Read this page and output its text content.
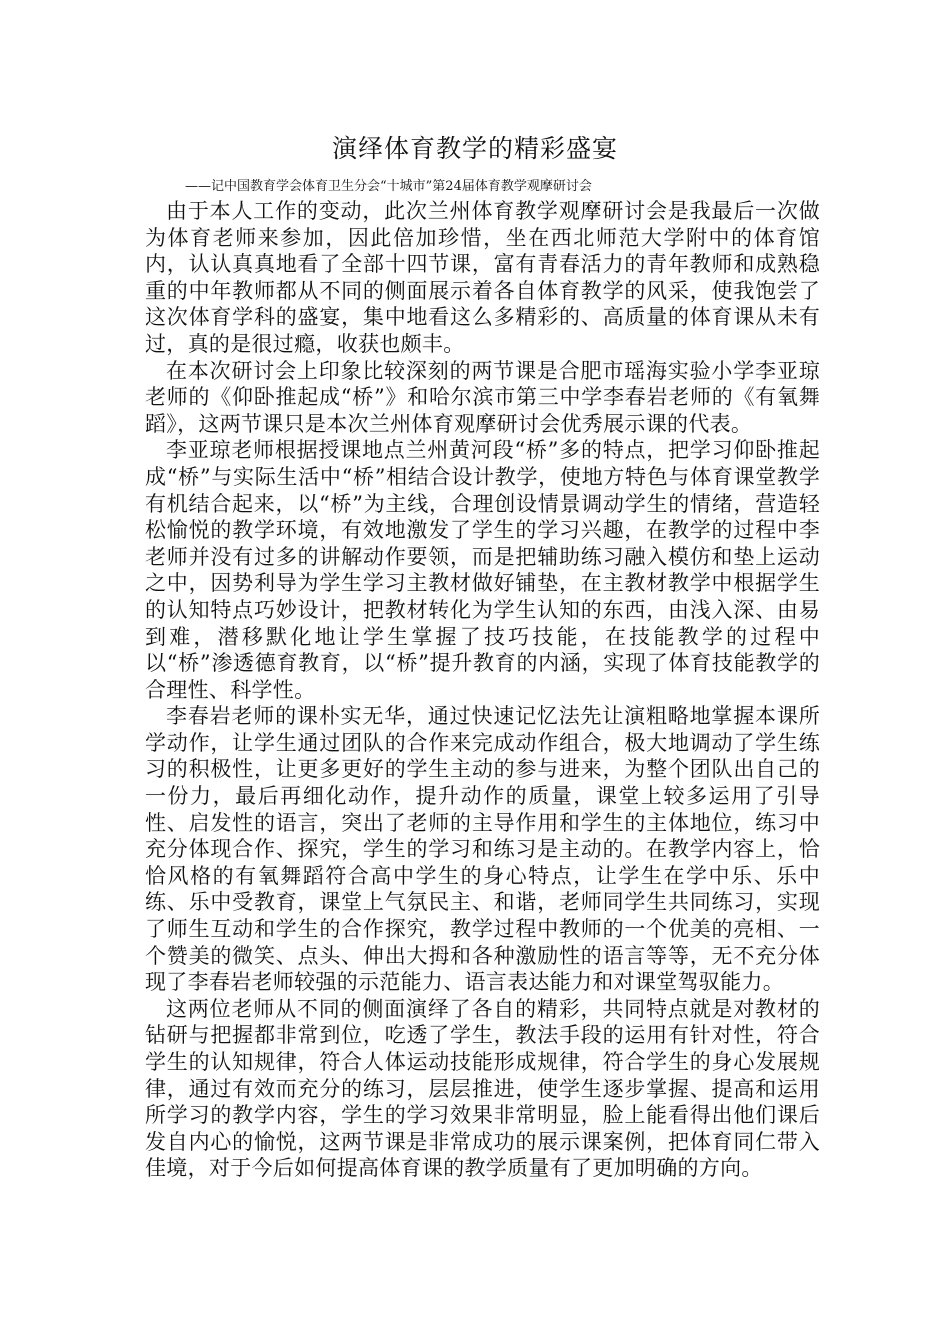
演绎体育教学的精彩盛宴
——记中国教育学会体育卫生分会“十城市”第24届体育教学观摩研讨会

由于本人工作的变动，此次兰州体育教学观摩研讨会是我最后一次做为体育老师来参加，因此倍加珍惜，坐在西北师范大学附中的体育馆内，认认真真地看了全部十四节课，富有青春活力的青年教师和成熟稳重的中年教师都从不同的侧面展示着各自体育教学的风采，使我饱尝了这次体育学科的盛宴，集中地看这么多精彩的、高质量的体育课从未有过，真的是很过瘾，收获也颇丰。

在本次研讨会上印象比较深刻的两节课是合肥市瑶海实验小学李亚琼老师的《仰卧推起成“桥”》和哈尔滨市第三中学李春岩老师的《有氧舞蹈》，这两节课只是本次兰州体育观摩研讨会优秀展示课的代表。

李亚琼老师根据授课地点兰州黄河段“桥”多的特点，把学习仰卧推起成“桥”与实际生活中“桥”相结合设计教学，使地方特色与体育课堂教学有机结合起来，以“桥”为主线，合理创设情景调动学生的情绪，营造轻松愉悦的教学环境，有效地激发了学生的学习兴趣，在教学的过程中李老师并没有过多的讲解动作要领，而是把辅助练习融入模仿和垫上运动之中，因势利导为学生学习主教材做好铺垫，在主教材教学中根据学生的认知特点巧妙设计，把教材转化为学生认知的东西，由浅入深、由易到难，潜移默化地让学生掌握了技巧技能，在技能教学的过程中以“桥”渗透德育教育，以“桥”提升教育的内涵，实现了体育技能教学的合理性、科学性。

李春岩老师的课朴实无华，通过快速记忆法先让演粗略地掌握本课所学动作，让学生通过团队的合作来完成动作组合，极大地调动了学生练习的积极性，让更多更好的学生主动的参与进来，为整个团队出自己的一份力，最后再细化动作，提升动作的质量，课堂上较多运用了引导性、启发性的语言，突出了老师的主导作用和学生的主体地位，练习中充分体现合作、探究，学生的学习和练习是主动的。在教学内容上，恰恰风格的有氧舞蹈符合高中学生的身心特点，让学生在学中乐、乐中练、乐中受教育，课堂上气氛民主、和谐，老师同学生共同练习，实现了师生互动和学生的合作探究，教学过程中教师的一个优美的亮相、一个赞美的微笑、点头、伸出大拇和各种激励性的语言等等，无不充分体现了李春岩老师较强的示范能力、语言表达能力和对课堂驾驭能力。

这两位老师从不同的侧面演绎了各自的精彩，共同特点就是对教材的钻研与把握都非常到位，吃透了学生，教法手段的运用有针对性，符合学生的认知规律，符合人体运动技能形成规律，符合学生的身心发展规律，通过有效而充分的练习，层层推进，使学生逐步掌握、提高和运用所学习的教学内容，学生的学习效果非常明显，脸上能看得出他们课后发自内心的愉悦，这两节课是非常成功的展示课案例，把体育同仁带入佳境，对于今后如何提高体育课的教学质量有了更加明确的方向。
